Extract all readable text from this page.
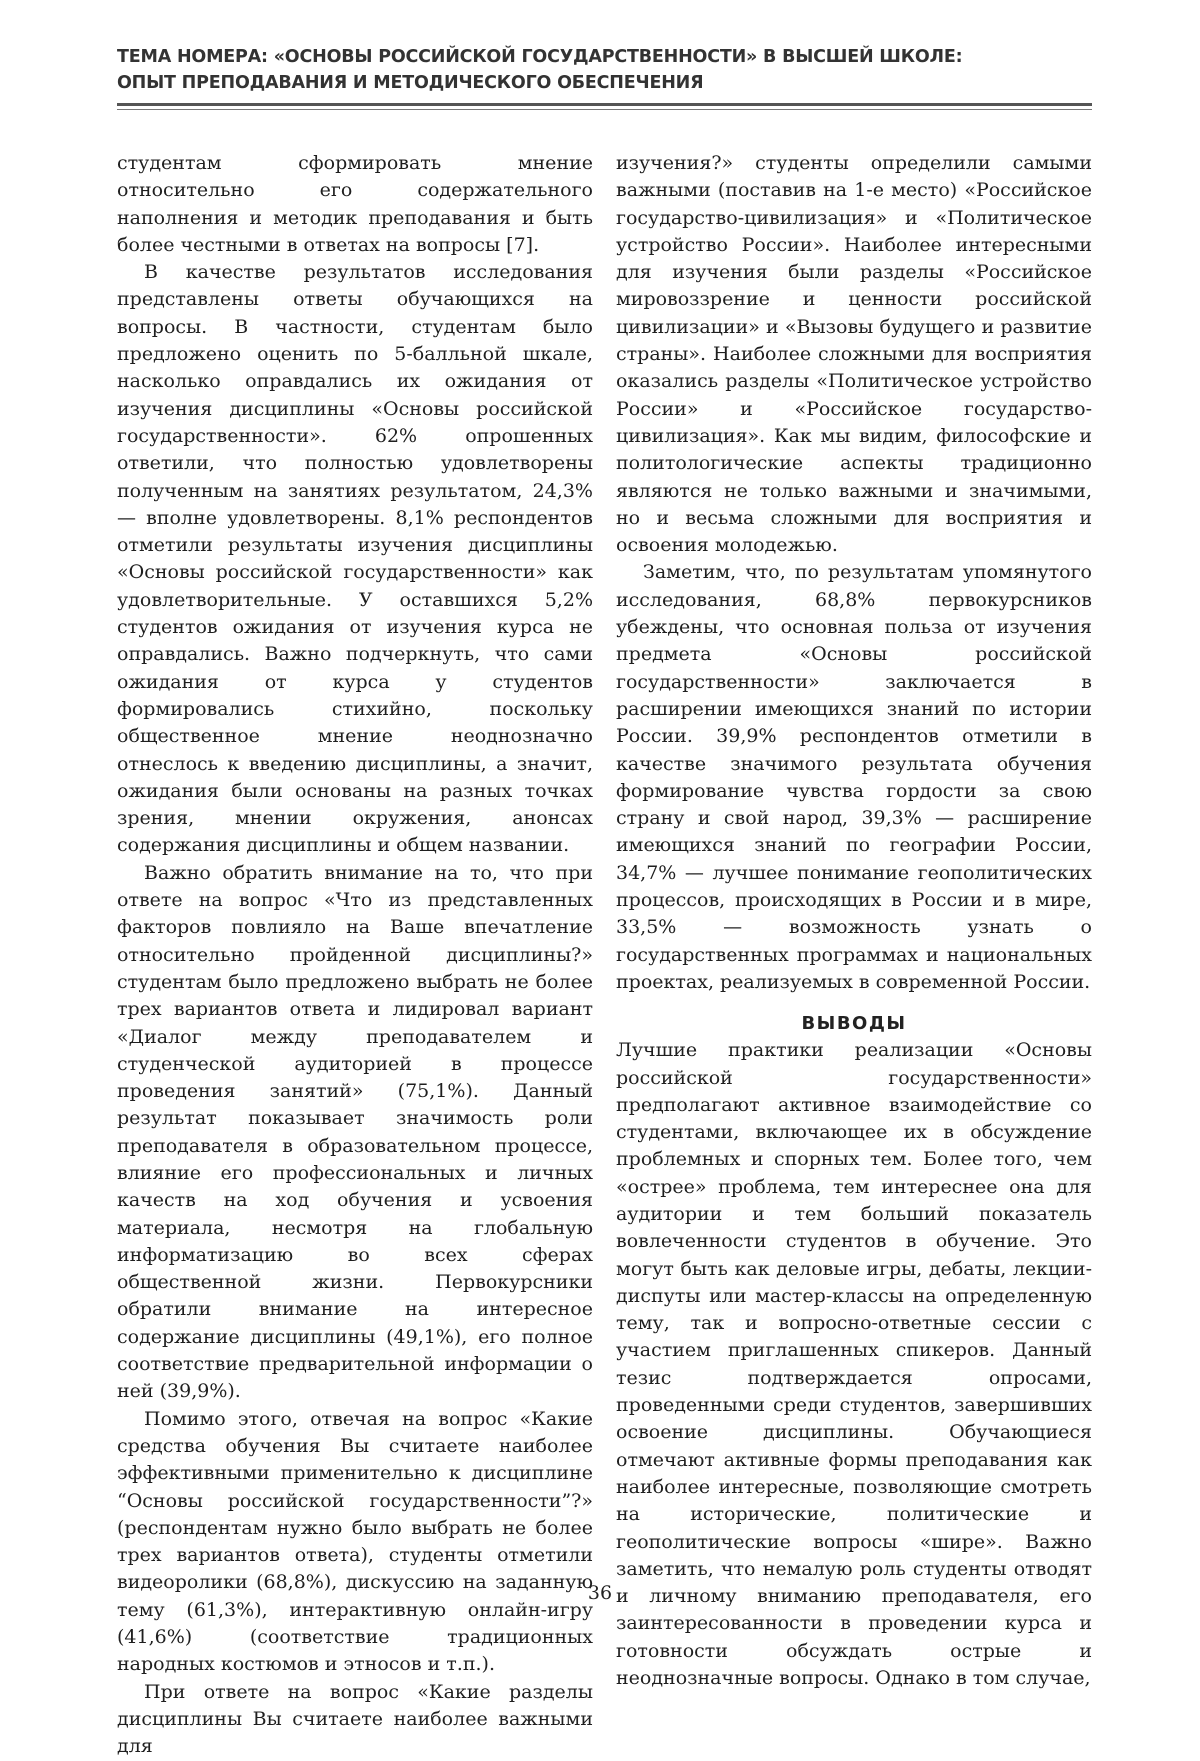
ТЕМА НОМЕРА: «ОСНОВЫ РОССИЙСКОЙ ГОСУДАРСТВЕННОСТИ» В ВЫСШЕЙ ШКОЛЕ:
ОПЫТ ПРЕПОДАВАНИЯ И МЕТОДИЧЕСКОГО ОБЕСПЕЧЕНИЯ

студентам сформировать мнение относительно его содержательного наполнения и методик преподавания и быть более честными в ответах на вопросы [7].

В качестве результатов исследования представлены ответы обучающихся на вопросы. В частности, студентам было предложено оценить по 5-балльной шкале, насколько оправдались их ожидания от изучения дисциплины «Основы российской государственности». 62% опрошенных ответили, что полностью удовлетворены полученным на занятиях результатом, 24,3% — вполне удовлетворены. 8,1% респондентов отметили результаты изучения дисциплины «Основы российской государственности» как удовлетворительные. У оставшихся 5,2% студентов ожидания от изучения курса не оправдались. Важно подчеркнуть, что сами ожидания от курса у студентов формировались стихийно, поскольку общественное мнение неоднозначно отнеслось к введению дисциплины, а значит, ожидания были основаны на разных точках зрения, мнении окружения, анонсах содержания дисциплины и общем названии.

Важно обратить внимание на то, что при ответе на вопрос «Что из представленных факторов повлияло на Ваше впечатление относительно пройденной дисциплины?» студентам было предложено выбрать не более трех вариантов ответа и лидировал вариант «Диалог между преподавателем и студенческой аудиторией в процессе проведения занятий» (75,1%). Данный результат показывает значимость роли преподавателя в образовательном процессе, влияние его профессиональных и личных качеств на ход обучения и усвоения материала, несмотря на глобальную информатизацию во всех сферах общественной жизни. Первокурсники обратили внимание на интересное содержание дисциплины (49,1%), его полное соответствие предварительной информации о ней (39,9%).

Помимо этого, отвечая на вопрос «Какие средства обучения Вы считаете наиболее эффективными применительно к дисциплине “Основы российской государственности”?» (респондентам нужно было выбрать не более трех вариантов ответа), студенты отметили видеоролики (68,8%), дискуссию на заданную тему (61,3%), интерактивную онлайн-игру (41,6%) (соответствие традиционных народных костюмов и этносов и т.п.).

При ответе на вопрос «Какие разделы дисциплины Вы считаете наиболее важными для

изучения?» студенты определили самыми важными (поставив на 1-е место) «Российское государство-цивилизация» и «Политическое устройство России». Наиболее интересными для изучения были разделы «Российское мировоззрение и ценности российской цивилизации» и «Вызовы будущего и развитие страны». Наиболее сложными для восприятия оказались разделы «Политическое устройство России» и «Российское государство-цивилизация». Как мы видим, философские и политологические аспекты традиционно являются не только важными и значимыми, но и весьма сложными для восприятия и освоения молодежью.

Заметим, что, по результатам упомянутого исследования, 68,8% первокурсников убеждены, что основная польза от изучения предмета «Основы российской государственности» заключается в расширении имеющихся знаний по истории России. 39,9% респондентов отметили в качестве значимого результата обучения формирование чувства гордости за свою страну и свой народ, 39,3% — расширение имеющихся знаний по географии России, 34,7% — лучшее понимание геополитических процессов, происходящих в России и в мире, 33,5% — возможность узнать о государственных программах и национальных проектах, реализуемых в современной России.

ВЫВОДЫ

Лучшие практики реализации «Основы российской государственности» предполагают активное взаимодействие со студентами, включающее их в обсуждение проблемных и спорных тем. Более того, чем «острее» проблема, тем интереснее она для аудитории и тем больший показатель вовлеченности студентов в обучение. Это могут быть как деловые игры, дебаты, лекции-диспуты или мастер-классы на определенную тему, так и вопросно-ответные сессии с участием приглашенных спикеров. Данный тезис подтверждается опросами, проведенными среди студентов, завершивших освоение дисциплины. Обучающиеся отмечают активные формы преподавания как наиболее интересные, позволяющие смотреть на исторические, политические и геополитические вопросы «шире». Важно заметить, что немалую роль студенты отводят и личному вниманию преподавателя, его заинтересованности в проведении курса и готовности обсуждать острые и неоднозначные вопросы. Однако в том случае,

36
